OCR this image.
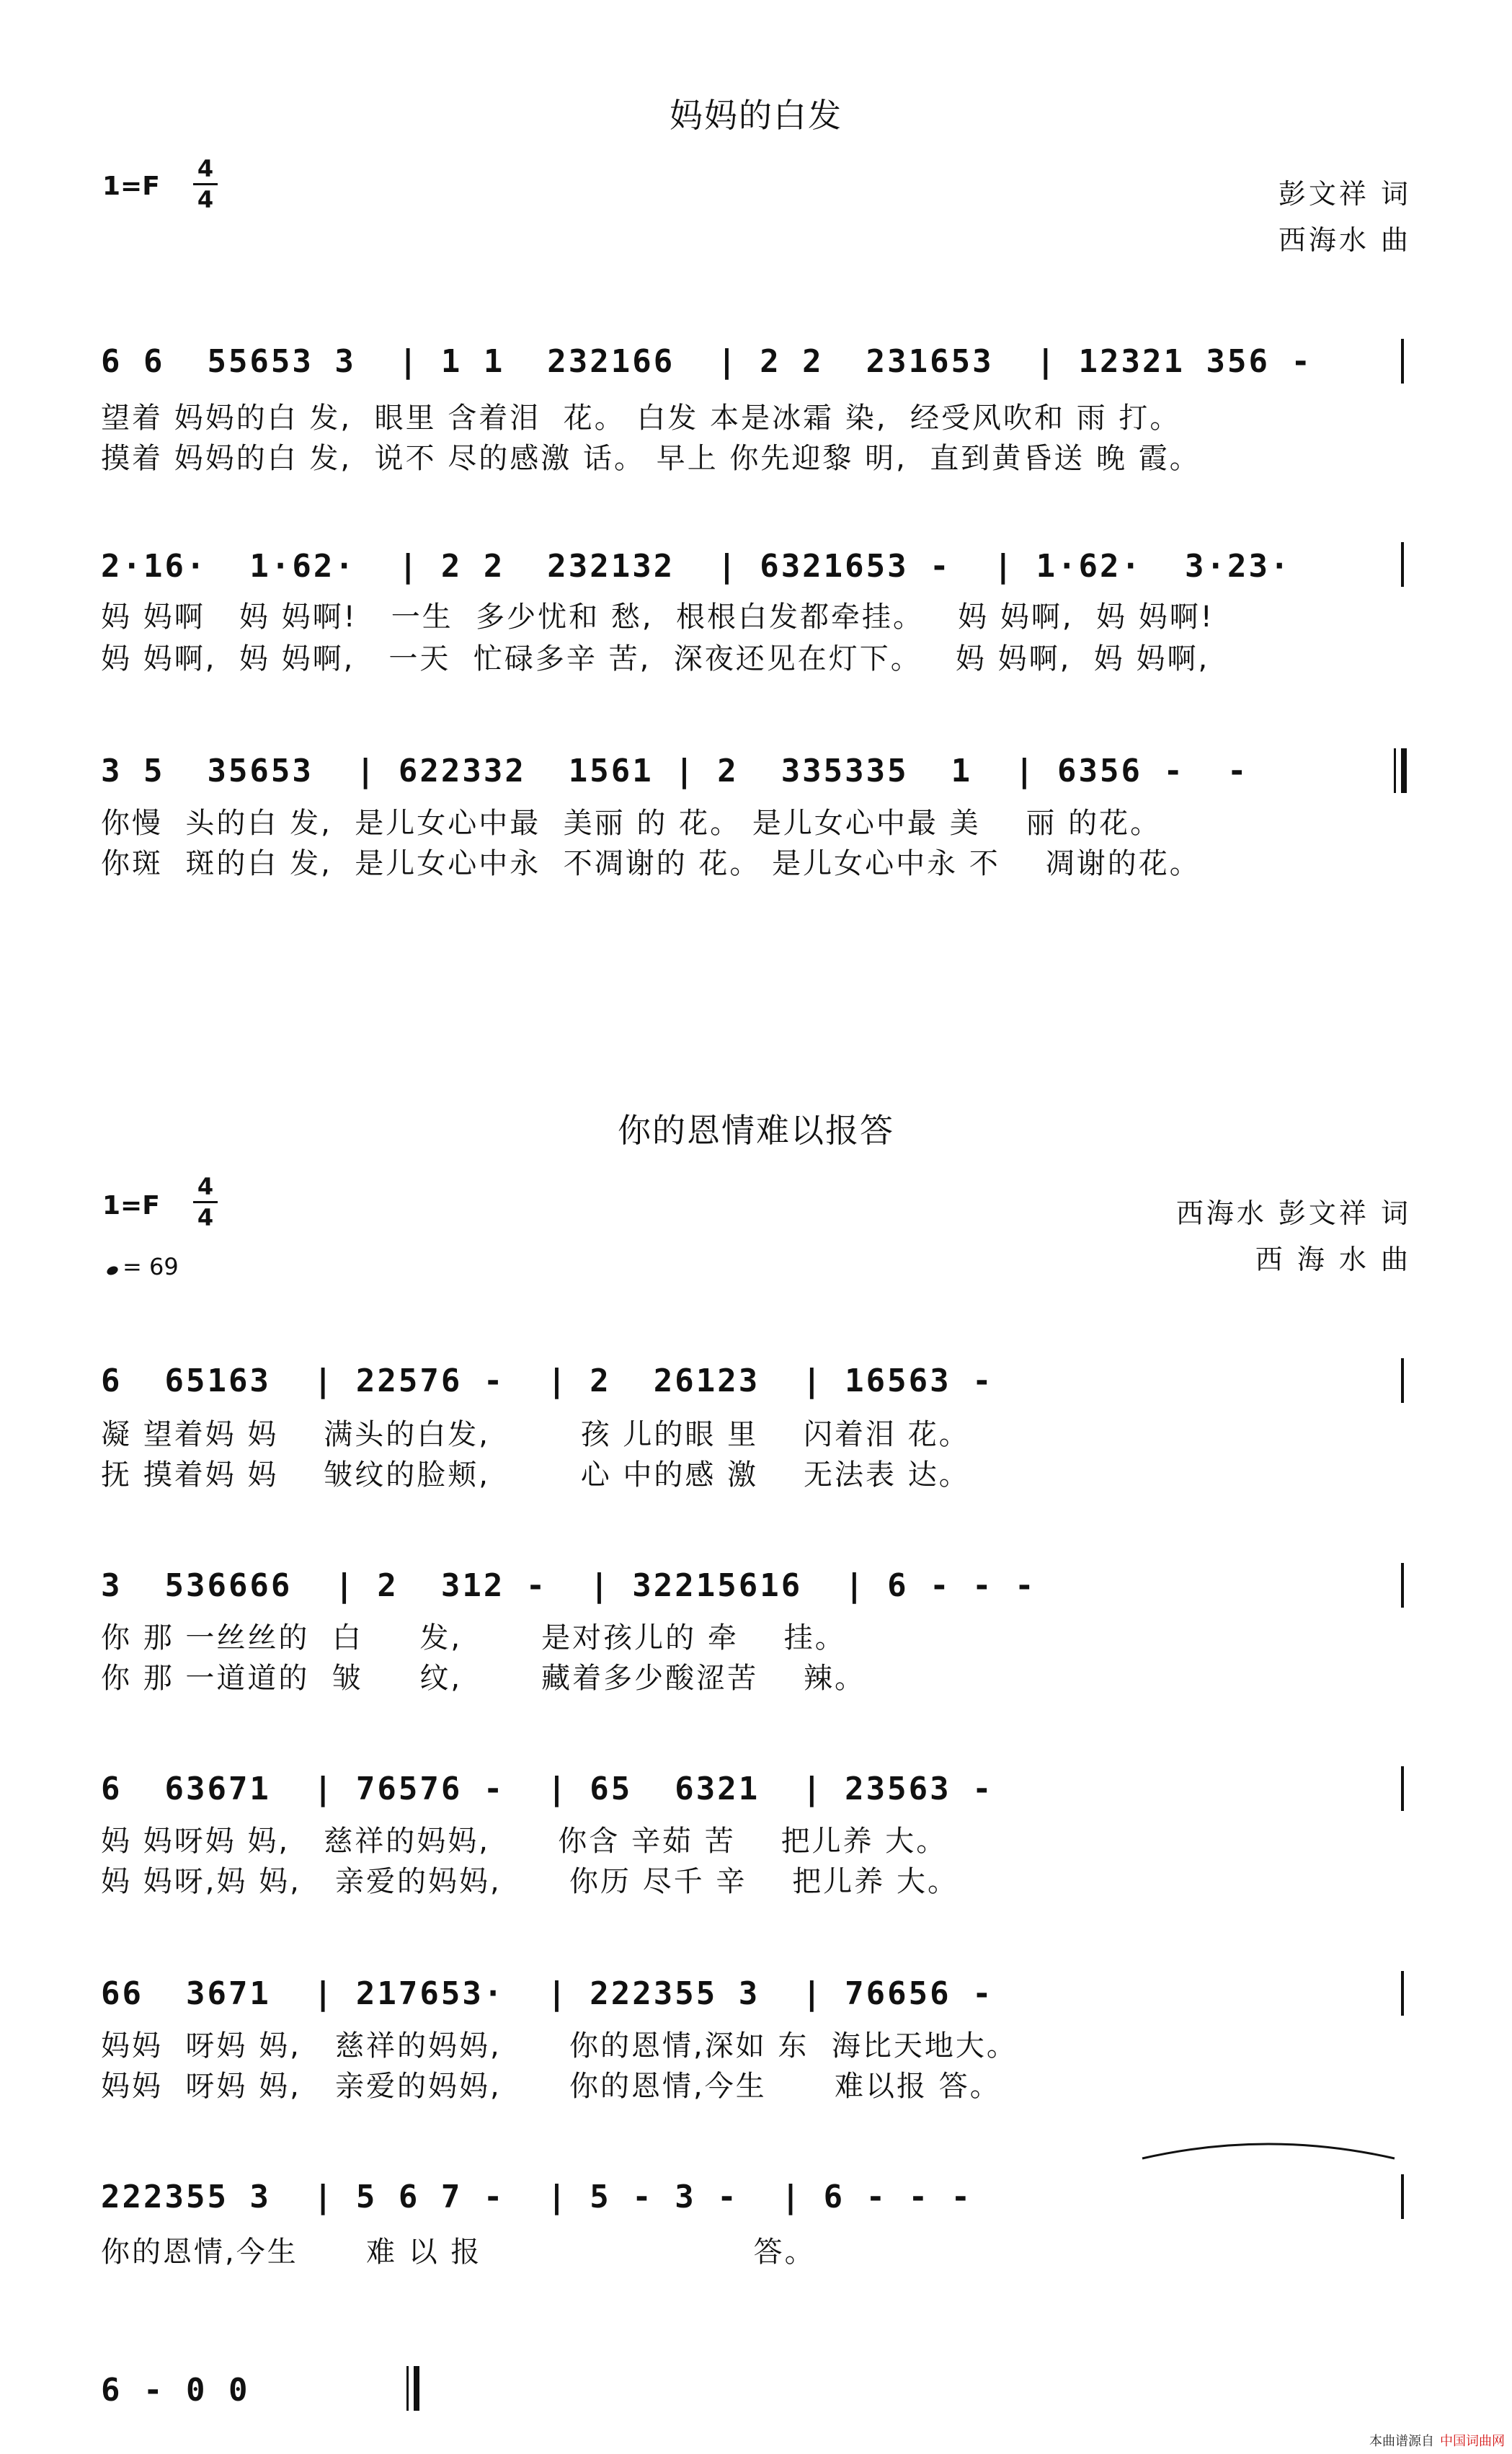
妈妈的白发
1=F
4
4	彭文祥 词
西海水 曲
6 6  55653 3  | 1 1  232166  | 2 2  231653  | 12321 356 -
望着 妈妈的白 发,  眼里 含着泪  花。 白发 本是冰霜 染,  经受风吹和 雨 打。
摸着 妈妈的白 发,  说不 尽的感激 话。 早上 你先迎黎 明,  直到黄昏送 晚 霞。
2·16·  1·62·  | 2 2  232132  | 6321653 -  | 1·62·  3·23·
妈 妈啊   妈 妈啊!   一生  多少忧和 愁,  根根白发都牵挂。   妈 妈啊,  妈 妈啊!
妈 妈啊,  妈 妈啊,   一天  忙碌多辛 苦,  深夜还见在灯下。   妈 妈啊,  妈 妈啊,
3 5  35653  | 622332  1561 | 2  335335  1  | 6356 -  -
你慢  头的白 发,  是儿女心中最  美丽 的 花。 是儿女心中最 美    丽 的花。
你斑  斑的白 发,  是儿女心中永  不凋谢的 花。 是儿女心中永 不    凋谢的花。
你的恩情难以报答
1=F
4
4
= 69
西海水 彭文祥 词
西 海 水 曲
6  65163  | 22576 -  | 2  26123  | 16563 -
凝 望着妈 妈    满头的白发,        孩 儿的眼 里    闪着泪 花。
抚 摸着妈 妈    皱纹的脸颊,        心 中的感 激    无法表 达。
3  536666  | 2  312 -  | 32215616  | 6 - - -
你 那 一丝丝的  白     发,       是对孩儿的 牵    挂。
你 那 一道道的  皱     纹,       藏着多少酸涩苦    辣。
6  63671  | 76576 -  | 65  6321  | 23563 -
妈 妈呀妈 妈,   慈祥的妈妈,      你含 辛茹 苦    把儿养 大。
妈 妈呀,妈 妈,   亲爱的妈妈,      你历 尽千 辛    把儿养 大。
66  3671  | 217653·  | 222355 3  | 76656 -
妈妈  呀妈 妈,   慈祥的妈妈,      你的恩情,深如 东  海比天地大。
妈妈  呀妈 妈,   亲爱的妈妈,      你的恩情,今生      难以报 答。
222355 3  | 5 6 7 -  | 5 - 3 -  | 6 - - -
你的恩情,今生      难 以 报                        答。
6 - 0 0
本曲谱源自 中国词曲网
